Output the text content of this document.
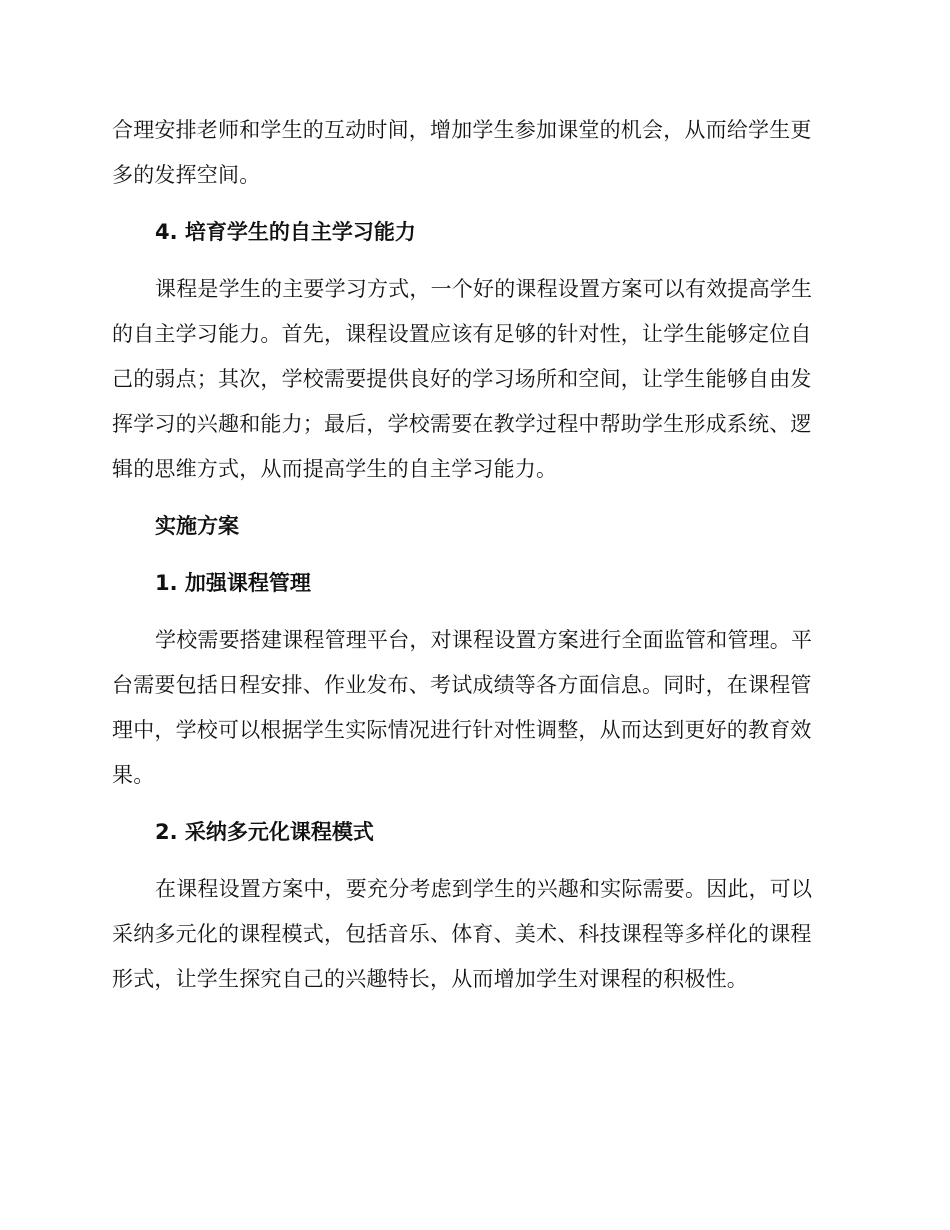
合理安排老师和学生的互动时间，增加学生参加课堂的机会，从而给学生更
多的发挥空间。
4. 培育学生的自主学习能力
课程是学生的主要学习方式，一个好的课程设置方案可以有效提高学生
的自主学习能力。首先，课程设置应该有足够的针对性，让学生能够定位自
己的弱点；其次，学校需要提供良好的学习场所和空间，让学生能够自由发
挥学习的兴趣和能力；最后，学校需要在教学过程中帮助学生形成系统、逻
辑的思维方式，从而提高学生的自主学习能力。
实施方案
1. 加强课程管理
学校需要搭建课程管理平台，对课程设置方案进行全面监管和管理。平
台需要包括日程安排、作业发布、考试成绩等各方面信息。同时，在课程管
理中，学校可以根据学生实际情况进行针对性调整，从而达到更好的教育效
果。
2. 采纳多元化课程模式
在课程设置方案中，要充分考虑到学生的兴趣和实际需要。因此，可以
采纳多元化的课程模式，包括音乐、体育、美术、科技课程等多样化的课程
形式，让学生探究自己的兴趣特长，从而增加学生对课程的积极性。
